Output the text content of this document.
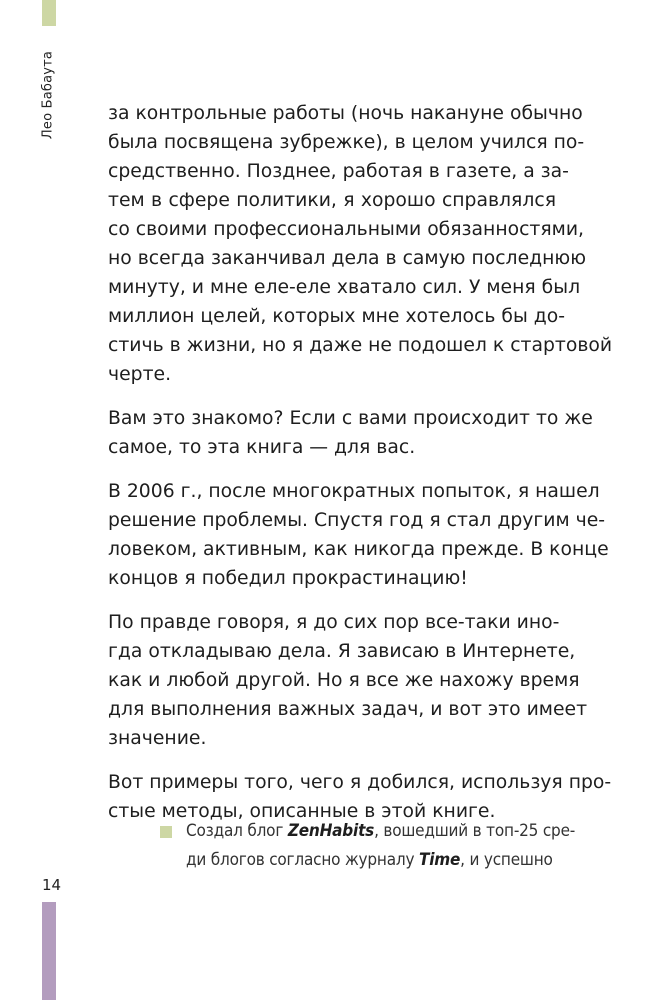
Лео Бабаута
14
за контрольные работы (ночь накануне обычно
была посвящена зубрежке), в целом учился по-
средственно. Позднее, работая в газете, а за-
тем в сфере политики, я хорошо справлялся
со своими профессиональными обязанностями,
но всегда заканчивал дела в самую последнюю
минуту, и мне еле-еле хватало сил. У меня был
миллион целей, которых мне хотелось бы до-
стичь в жизни, но я даже не подошел к стартовой
черте.
Вам это знакомо? Если с вами происходит то же
самое, то эта книга — для вас.
В 2006 г., после многократных попыток, я нашел
решение проблемы. Спустя год я стал другим че-
ловеком, активным, как никогда прежде. В конце
концов я победил прокрастинацию!
По правде говоря, я до сих пор все-таки ино-
гда откладываю дела. Я зависаю в Интернете,
как и любой другой. Но я все же нахожу время
для выполнения важных задач, и вот это имеет
значение.
Вот примеры того, чего я добился, используя про-
стые методы, описанные в этой книге.
Создал блог ZenHabits, вошедший в топ-25 сре-
ди блогов согласно журналу Time, и успешно
